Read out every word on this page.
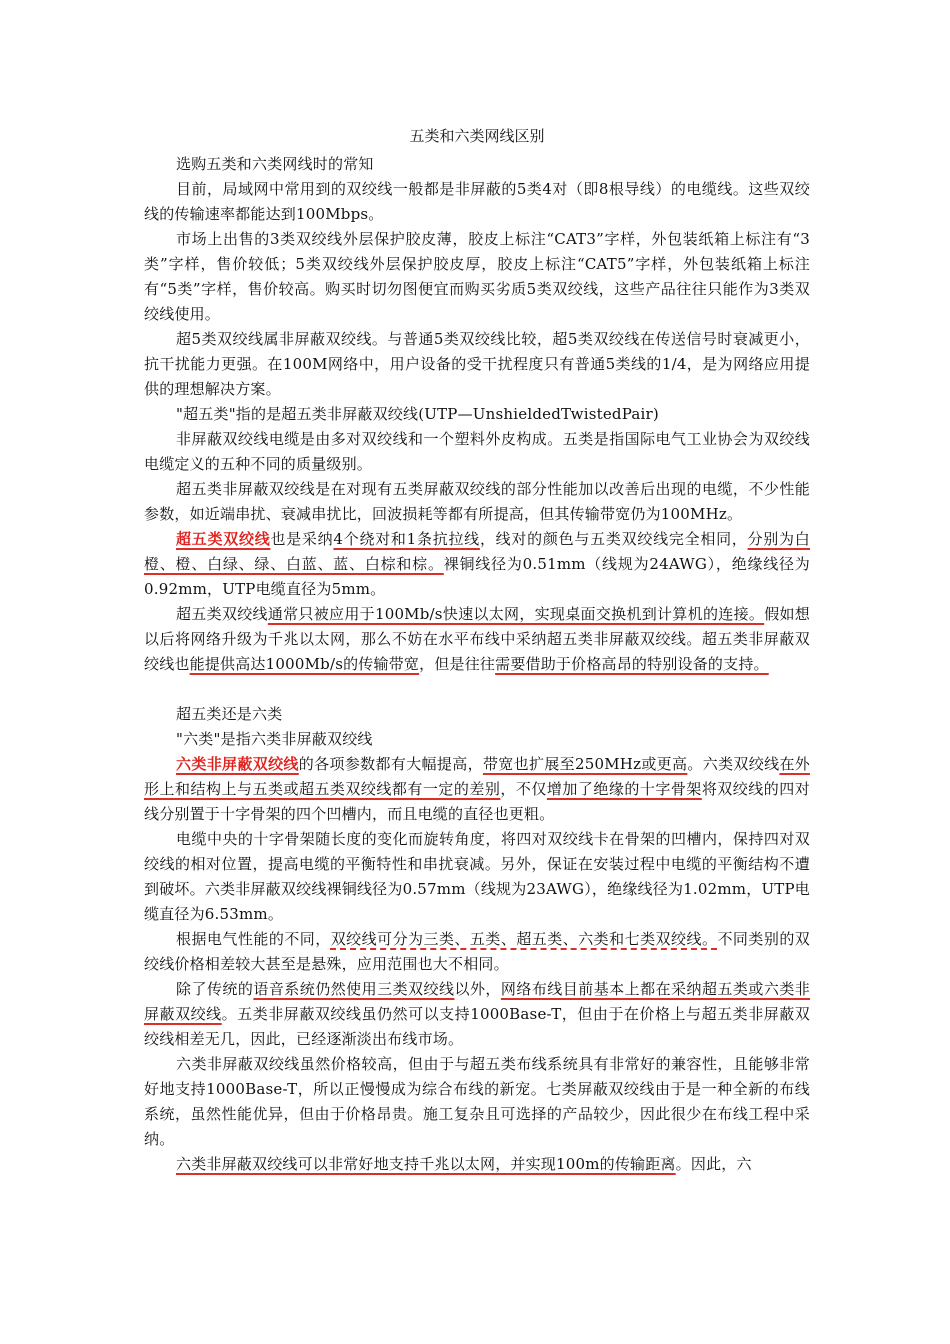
五类和六类网线区别

选购五类和六类网线时的常知

目前，局域网中常用到的双绞线一般都是非屏蔽的5类4对（即8根导线）的电缆线。这些双绞线的传输速率都能达到100Mbps。

市场上出售的3类双绞线外层保护胶皮薄，胶皮上标注“CAT3”字样，外包装纸箱上标注有“3类”字样，售价较低；5类双绞线外层保护胶皮厚，胶皮上标注“CAT5”字样，外包装纸箱上标注有“5类”字样，售价较高。购买时切勿图便宜而购买劣质5类双绞线，这些产品往往只能作为3类双绞线使用。

超5类双绞线属非屏蔽双绞线。与普通5类双绞线比较，超5类双绞线在传送信号时衰减更小，抗干扰能力更强。在100M网络中，用户设备的受干扰程度只有普通5类线的1/4，是为网络应用提供的理想解决方案。

"超五类"指的是超五类非屏蔽双绞线(UTP—UnshieldedTwistedPair)

非屏蔽双绞线电缆是由多对双绞线和一个塑料外皮构成。五类是指国际电气工业协会为双绞线电缆定义的五种不同的质量级别。

超五类非屏蔽双绞线是在对现有五类屏蔽双绞线的部分性能加以改善后出现的电缆，不少性能参数，如近端串扰、衰减串扰比，回波损耗等都有所提高，但其传输带宽仍为100MHz。

超五类双绞线也是采纳4个绕对和1条抗拉线，线对的颜色与五类双绞线完全相同，分别为白橙、橙、白绿、绿、白蓝、蓝、白棕和棕。裸铜线径为0.51mm（线规为24AWG），绝缘线径为0.92mm，UTP电缆直径为5mm。

超五类双绞线通常只被应用于100Mb/s快速以太网，实现桌面交换机到计算机的连接。假如想以后将网络升级为千兆以太网，那么不妨在水平布线中采纳超五类非屏蔽双绞线。超五类非屏蔽双绞线也能提供高达1000Mb/s的传输带宽，但是往往需要借助于价格高昂的特别设备的支持。

超五类还是六类

"六类"是指六类非屏蔽双绞线

六类非屏蔽双绞线的各项参数都有大幅提高，带宽也扩展至250MHz或更高。六类双绞线在外形上和结构上与五类或超五类双绞线都有一定的差别，不仅增加了绝缘的十字骨架将双绞线的四对线分别置于十字骨架的四个凹槽内，而且电缆的直径也更粗。

电缆中央的十字骨架随长度的变化而旋转角度，将四对双绞线卡在骨架的凹槽内，保持四对双绞线的相对位置，提高电缆的平衡特性和串扰衰减。另外，保证在安装过程中电缆的平衡结构不遭到破坏。六类非屏蔽双绞线裸铜线径为0.57mm（线规为23AWG），绝缘线径为1.02mm，UTP电缆直径为6.53mm。

根据电气性能的不同，双绞线可分为三类、五类、超五类、六类和七类双绞线。不同类别的双绞线价格相差较大甚至是悬殊，应用范围也大不相同。

除了传统的语音系统仍然使用三类双绞线以外，网络布线目前基本上都在采纳超五类或六类非屏蔽双绞线。五类非屏蔽双绞线虽仍然可以支持1000Base-T，但由于在价格上与超五类非屏蔽双绞线相差无几，因此，已经逐渐淡出布线市场。

六类非屏蔽双绞线虽然价格较高，但由于与超五类布线系统具有非常好的兼容性，且能够非常好地支持1000Base-T，所以正慢慢成为综合布线的新宠。七类屏蔽双绞线由于是一种全新的布线系统，虽然性能优异，但由于价格昂贵。施工复杂且可选择的产品较少，因此很少在布线工程中采纳。

六类非屏蔽双绞线可以非常好地支持千兆以太网，并实现100m的传输距离。因此，六
